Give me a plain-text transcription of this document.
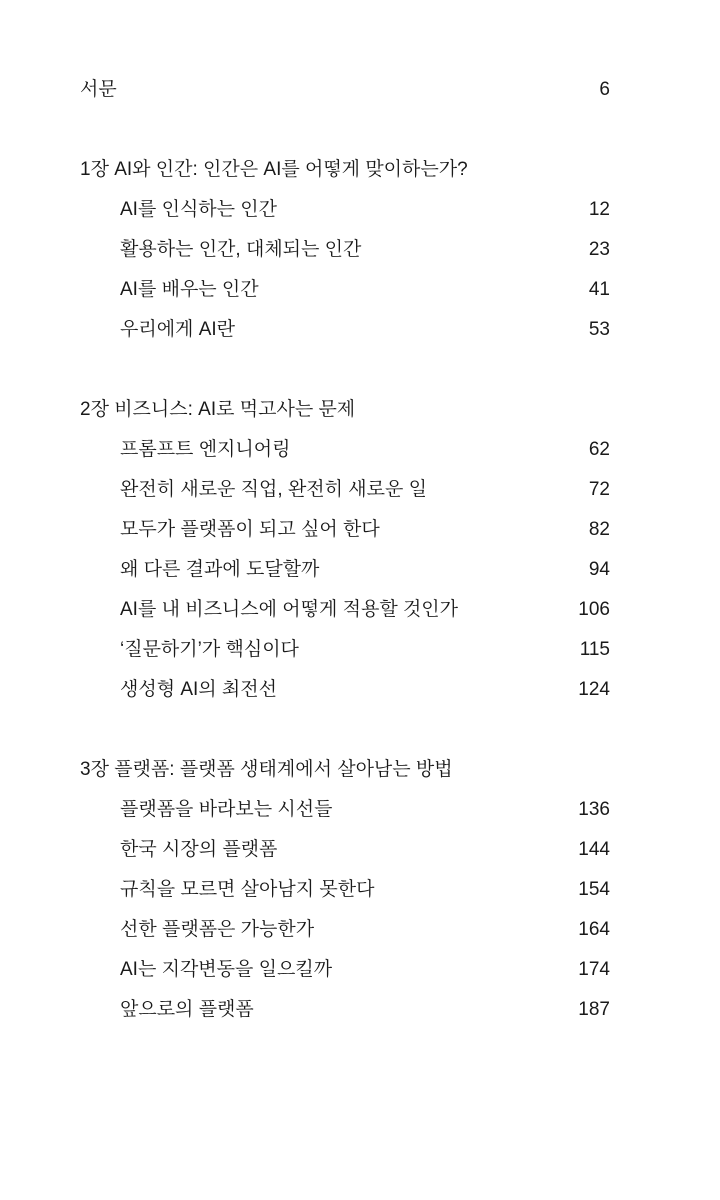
서문	6
1장 AI와 인간: 인간은 AI를 어떻게 맞이하는가?
AI를 인식하는 인간	12
활용하는 인간, 대체되는 인간	23
AI를 배우는 인간	41
우리에게 AI란	53
2장 비즈니스: AI로 먹고사는 문제
프롬프트 엔지니어링	62
완전히 새로운 직업, 완전히 새로운 일	72
모두가 플랫폼이 되고 싶어 한다	82
왜 다른 결과에 도달할까	94
AI를 내 비즈니스에 어떻게 적용할 것인가	106
‘질문하기’가 핵심이다	115
생성형 AI의 최전선	124
3장 플랫폼: 플랫폼 생태계에서 살아남는 방법
플랫폼을 바라보는 시선들	136
한국 시장의 플랫폼	144
규칙을 모르면 살아남지 못한다	154
선한 플랫폼은 가능한가	164
AI는 지각변동을 일으킬까	174
앞으로의 플랫폼	187
